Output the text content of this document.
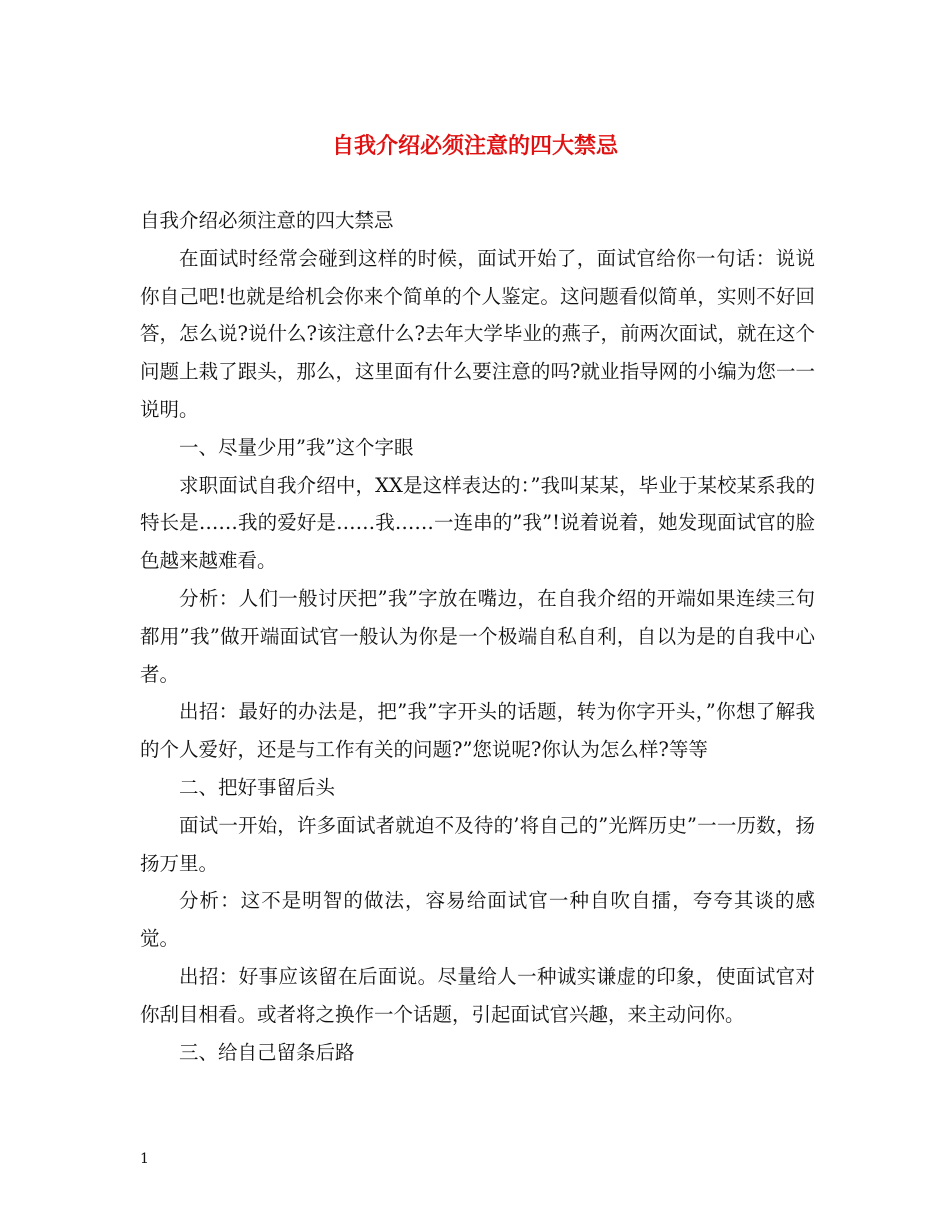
自我介绍必须注意的四大禁忌

自我介绍必须注意的四大禁忌

在面试时经常会碰到这样的时候，面试开始了，面试官给你一句话：说说你自己吧!也就是给机会你来个简单的个人鉴定。这问题看似简单，实则不好回答，怎么说?说什么?该注意什么?去年大学毕业的燕子，前两次面试，就在这个问题上栽了跟头，那么，这里面有什么要注意的吗?就业指导网的小编为您一一说明。

一、尽量少用”我”这个字眼

求职面试自我介绍中，XX是这样表达的：”我叫某某，毕业于某校某系我的特长是……我的爱好是……我……一连串的”我”!说着说着，她发现面试官的脸色越来越难看。

分析：人们一般讨厌把”我”字放在嘴边，在自我介绍的开端如果连续三句都用”我”做开端面试官一般认为你是一个极端自私自利，自以为是的自我中心者。

出招：最好的办法是，把”我”字开头的话题，转为你字开头，”你想了解我的个人爱好，还是与工作有关的问题?”您说呢?你认为怎么样?等等

二、把好事留后头

面试一开始，许多面试者就迫不及待的’将自己的”光辉历史”一一历数，扬扬万里。

分析：这不是明智的做法，容易给面试官一种自吹自擂，夸夸其谈的感觉。

出招：好事应该留在后面说。尽量给人一种诚实谦虚的印象，使面试官对你刮目相看。或者将之换作一个话题，引起面试官兴趣，来主动问你。

三、给自己留条后路

1
